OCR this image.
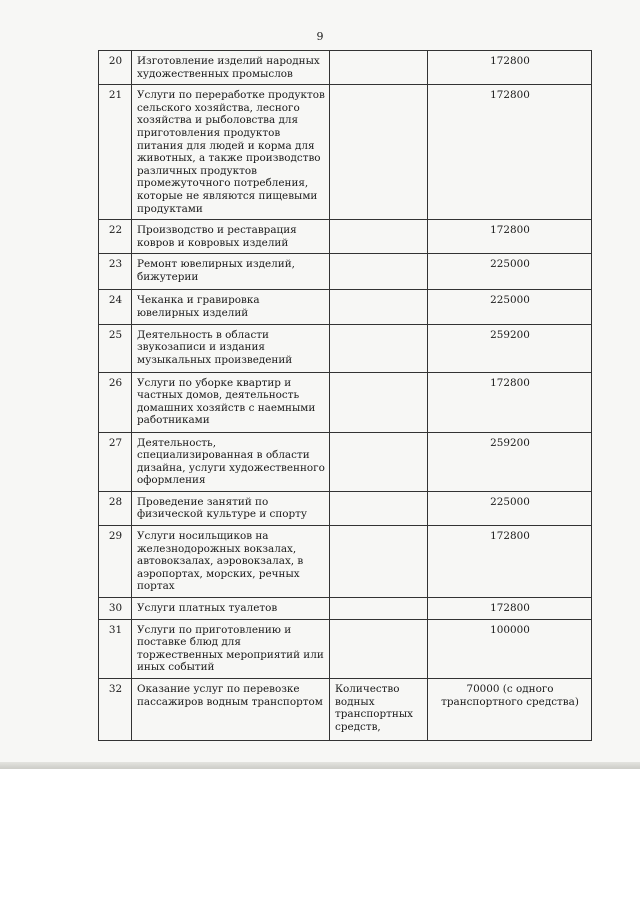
9
20	Изготовление изделий народных художественных промыслов		172800
21	Услуги по переработке продуктов сельского хозяйства, лесного хозяйства и рыболовства для приготовления продуктов питания для людей и корма для животных, а также производство различных продуктов промежуточного потребления, которые не являются пищевыми продуктами		172800
22	Производство и реставрация ковров и ковровых изделий		172800
23	Ремонт ювелирных изделий, бижутерии		225000
24	Чеканка и гравировка ювелирных изделий		225000
25	Деятельность в области звукозаписи и издания музыкальных произведений		259200
26	Услуги по уборке квартир и частных домов, деятельность домашних хозяйств с наемными работниками		172800
27	Деятельность, специализированная в области дизайна, услуги художественного оформления		259200
28	Проведение занятий по физической культуре и спорту		225000
29	Услуги носильщиков на железнодорожных вокзалах, автовокзалах, аэровокзалах, в аэропортах, морских, речных портах		172800
30	Услуги платных туалетов		172800
31	Услуги по приготовлению и поставке блюд для торжественных мероприятий или иных событий		100000
32	Оказание услуг по перевозке пассажиров водным транспортом	Количество водных транспортных средств,	70000 (с одного транспортного средства)
